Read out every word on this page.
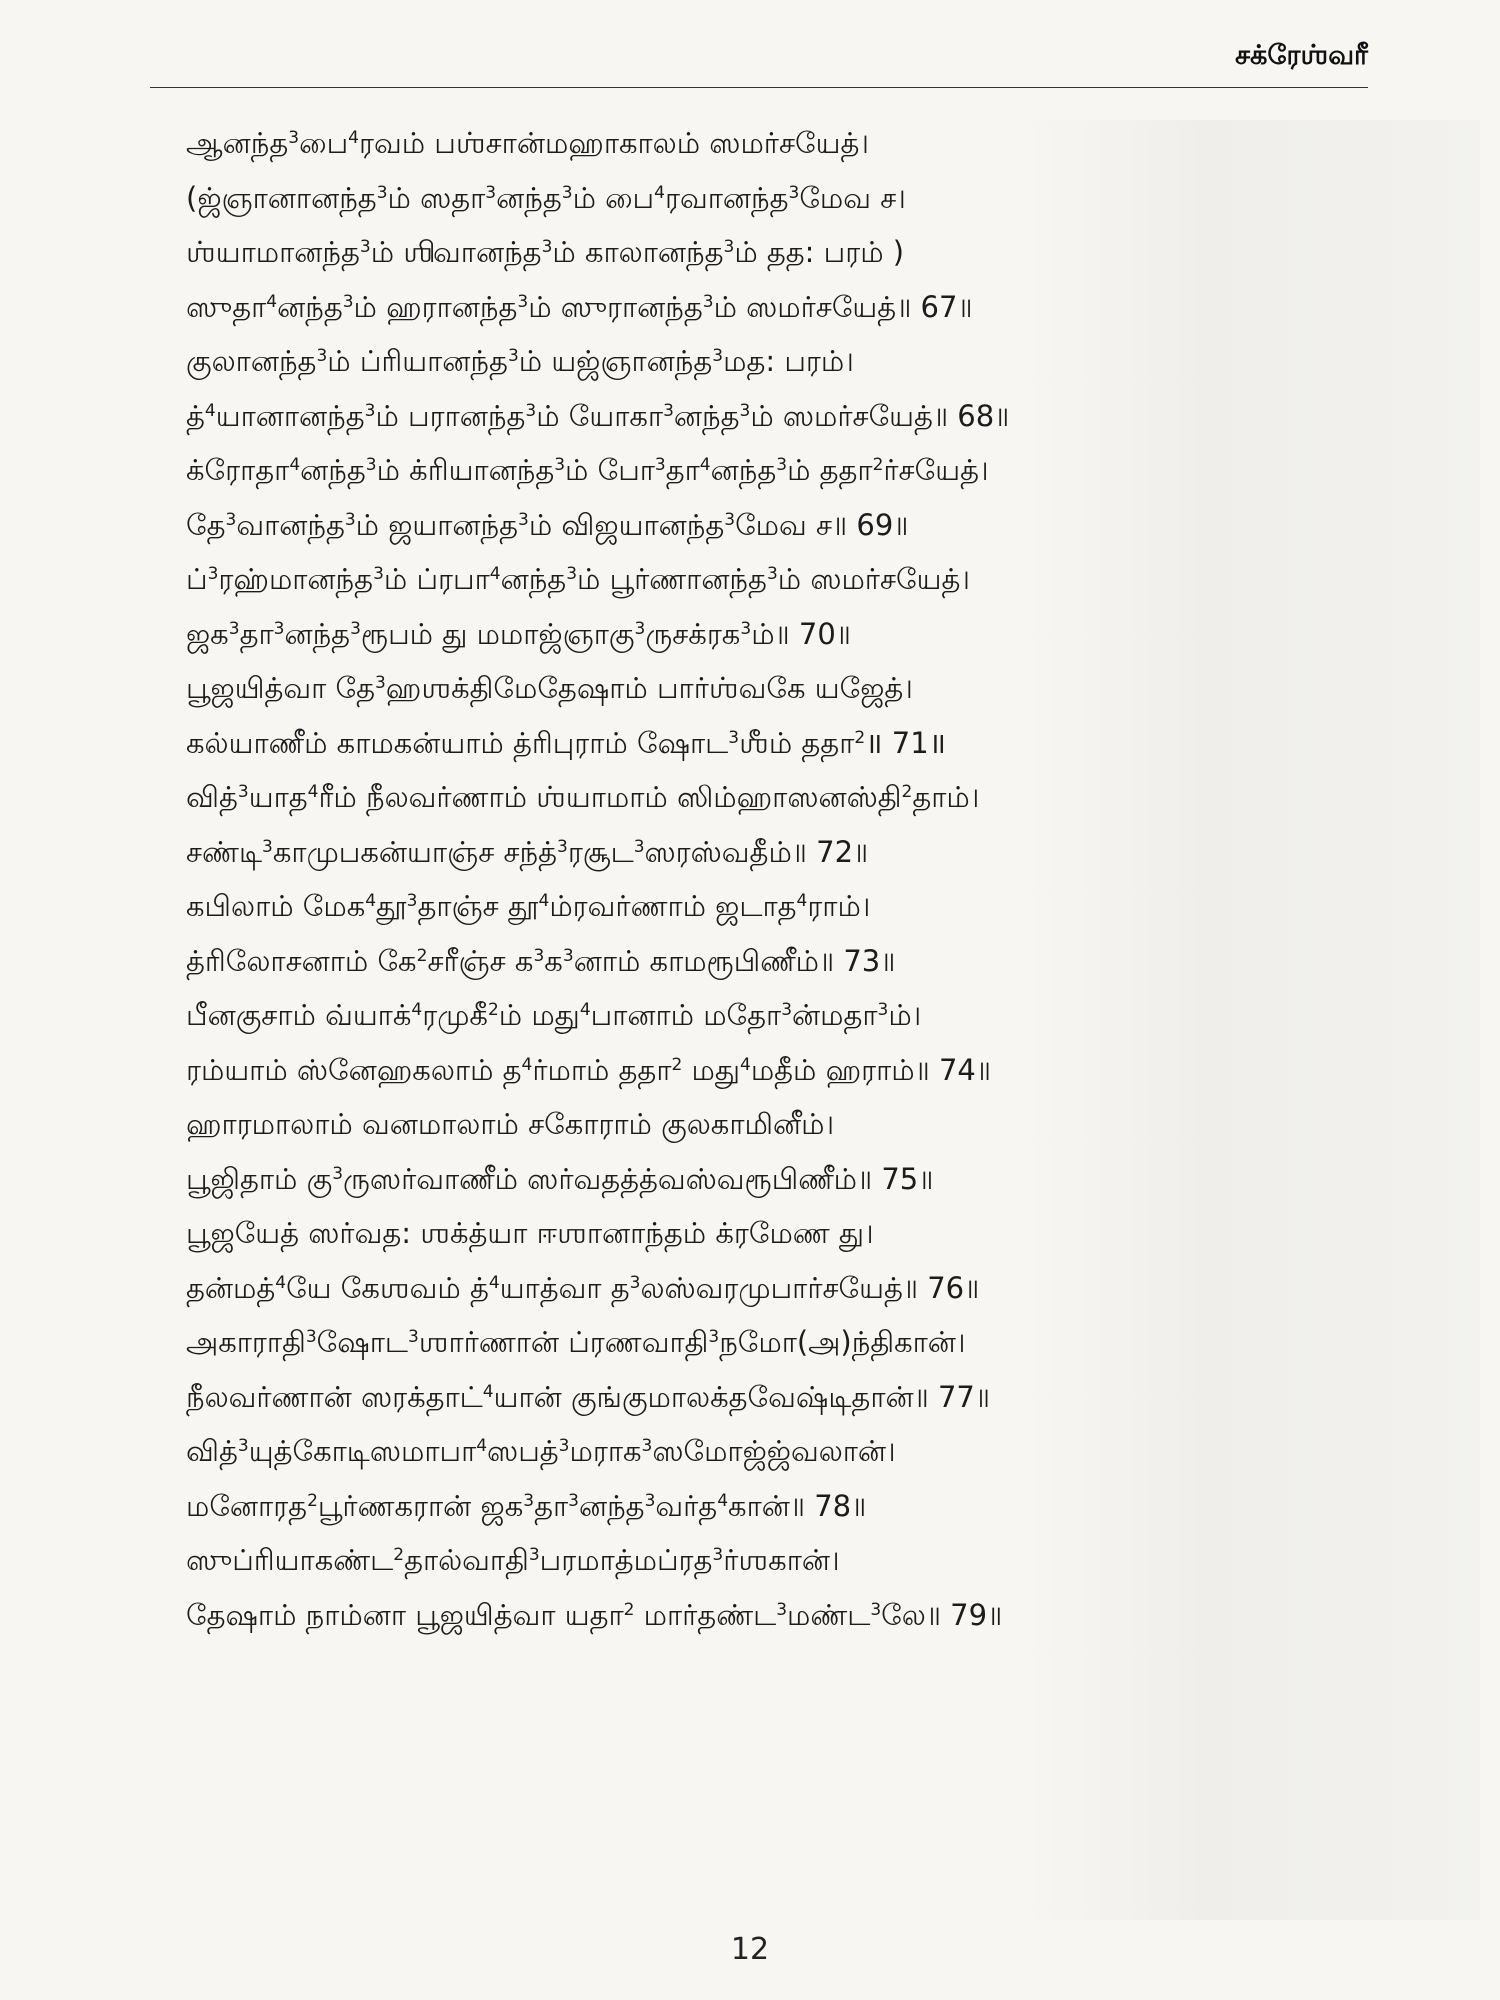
சக்ரேஶ்வரீ
ஆனந்த$^3$பை$^4$ரவம் பஶ்சான்மஹாகாலம் ஸமர்சயேத்।
(ஜ்ஞானானந்த$^3$ம் ஸதா$^3$னந்த$^3$ம் பை$^4$ரவானந்த$^3$மேவ ச।
ஶ்யாமானந்த$^3$ம் ஶிவானந்த$^3$ம் காலானந்த$^3$ம் தத: பரம் )
ஸுதா$^4$னந்த$^3$ம் ஹரானந்த$^3$ம் ஸுரானந்த$^3$ம் ஸமர்சயேத்॥ 67॥
குலானந்த$^3$ம் ப்ரியானந்த$^3$ம் யஜ்ஞானந்த$^3$மத: பரம்।
த்$^4$யானானந்த$^3$ம் பரானந்த$^3$ம் யோகா$^3$னந்த$^3$ம் ஸமர்சயேத்॥ 68॥
க்ரோதா$^4$னந்த$^3$ம் க்ரியானந்த$^3$ம் போ$^3$தா$^4$னந்த$^3$ம் ததா$^2$ர்சயேத்।
தே$^3$வானந்த$^3$ம் ஜயானந்த$^3$ம் விஜயானந்த$^3$மேவ ச॥ 69॥
ப்$^3$ரஹ்மானந்த$^3$ம் ப்ரபா$^4$னந்த$^3$ம் பூர்ணானந்த$^3$ம் ஸமர்சயேத்।
ஜக$^3$தா$^3$னந்த$^3$ரூபம் து மமாஜ்ஞாகு$^3$ருசக்ரக$^3$ம்॥ 70॥
பூஜயித்வா தே$^3$ஹஶக்திமேதேஷாம் பார்ஶ்வகே யஜேத்।
கல்யாணீம் காமகன்யாம் த்ரிபுராம் ஷோட$^3$ஶீம் ததா$^2$॥ 71॥
வித்$^3$யாத$^4$ரீம் நீலவர்ணாம் ஶ்யாமாம் ஸிம்ஹாஸனஸ்தி$^2$தாம்।
சண்டி$^3$காமுபகன்யாஞ்ச சந்த்$^3$ரசூட$^3$ஸரஸ்வதீம்॥ 72॥
கபிலாம் மேக$^4$தூ$^3$தாஞ்ச தூ$^4$ம்ரவர்ணாம் ஜடாத$^4$ராம்।
த்ரிலோசனாம் கே$^2$சரீஞ்ச க$^3$க$^3$னாம் காமரூபிணீம்॥ 73॥
பீனகுசாம் வ்யாக்$^4$ரமுகீ$^2$ம் மது$^4$பானாம் மதோ$^3$ன்மதா$^3$ம்।
ரம்யாம் ஸ்னேஹகலாம் த$^4$ர்மாம் ததா$^2$ மது$^4$மதீம் ஹராம்॥ 74॥
ஹாரமாலாம் வனமாலாம் சகோராம் குலகாமினீம்।
பூஜிதாம் கு$^3$ருஸர்வாணீம் ஸர்வதத்த்வஸ்வரூபிணீம்॥ 75॥
பூஜயேத் ஸர்வத: ஶக்த்யா ஈஶானாந்தம் க்ரமேண து।
தன்மத்$^4$யே கேஶவம் த்$^4$யாத்வா த$^3$லஸ்வரமுபார்சயேத்॥ 76॥
அகாராதி$^3$ஷோட$^3$ஶார்ணான் ப்ரணவாதி$^3$நமோ(அ)ந்திகான்।
நீலவர்ணான் ஸரக்தாட்$^4$யான் குங்குமாலக்தவேஷ்டிதான்॥ 77॥
வித்$^3$யுத்கோடிஸமாபா$^4$ஸபத்$^3$மராக$^3$ஸமோஜ்ஜ்வலான்।
மனோரத$^2$பூர்ணகரான் ஜக$^3$தா$^3$னந்த$^3$வர்த$^4$கான்॥ 78॥
ஸுப்ரியாகண்ட$^2$தால்வாதி$^3$பரமாத்மப்ரத$^3$ர்ஶகான்।
தேஷாம் நாம்னா பூஜயித்வா யதா$^2$ மார்தண்ட$^3$மண்ட$^3$லே॥ 79॥
12
